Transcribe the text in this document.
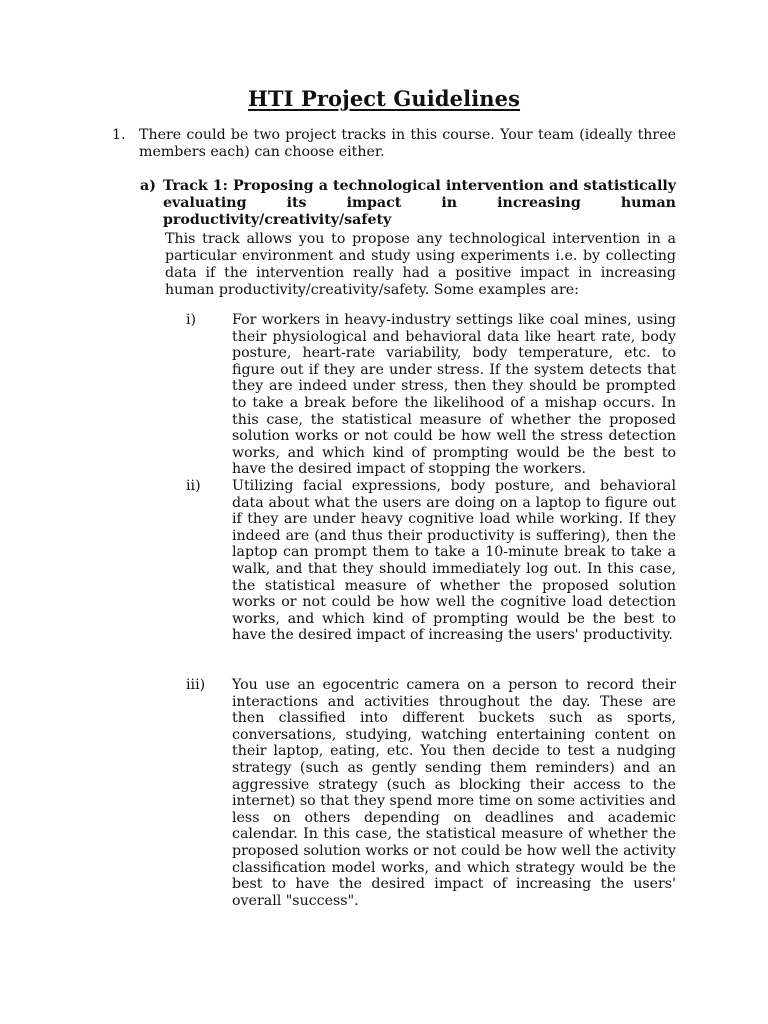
HTI Project Guidelines
1. There could be two project tracks in this course. Your team (ideally three members each) can choose either.
a) Track 1: Proposing a technological intervention and statistically evaluating its impact in increasing human productivity/creativity/safety
This track allows you to propose any technological intervention in a particular environment and study using experiments i.e. by collecting data if the intervention really had a positive impact in increasing human productivity/creativity/safety. Some examples are:
i)	For workers in heavy-industry settings like coal mines, using their physiological and behavioral data like heart rate, body posture, heart-rate variability, body temperature, etc. to figure out if they are under stress. If the system detects that they are indeed under stress, then they should be prompted to take a break before the likelihood of a mishap occurs. In this case, the statistical measure of whether the proposed solution works or not could be how well the stress detection works, and which kind of prompting would be the best to have the desired impact of stopping the workers.
ii) Utilizing facial expressions, body posture, and behavioral data about what the users are doing on a laptop to figure out if they are under heavy cognitive load while working. If they indeed are (and thus their productivity is suffering), then the laptop can prompt them to take a 10-minute break to take a walk, and that they should immediately log out. In this case, the statistical measure of whether the proposed solution works or not could be how well the cognitive load detection works, and which kind of prompting would be the best to have the desired impact of increasing the users' productivity.
iii) You use an egocentric camera on a person to record their interactions and activities throughout the day. These are then classified into different buckets such as sports, conversations, studying, watching entertaining content on their laptop, eating, etc. You then decide to test a nudging strategy (such as gently sending them reminders) and an aggressive strategy (such as blocking their access to the internet) so that they spend more time on some activities and less on others depending on deadlines and academic calendar. In this case, the statistical measure of whether the proposed solution works or not could be how well the activity classification model works, and which strategy would be the best to have the desired impact of increasing the users' overall "success".
